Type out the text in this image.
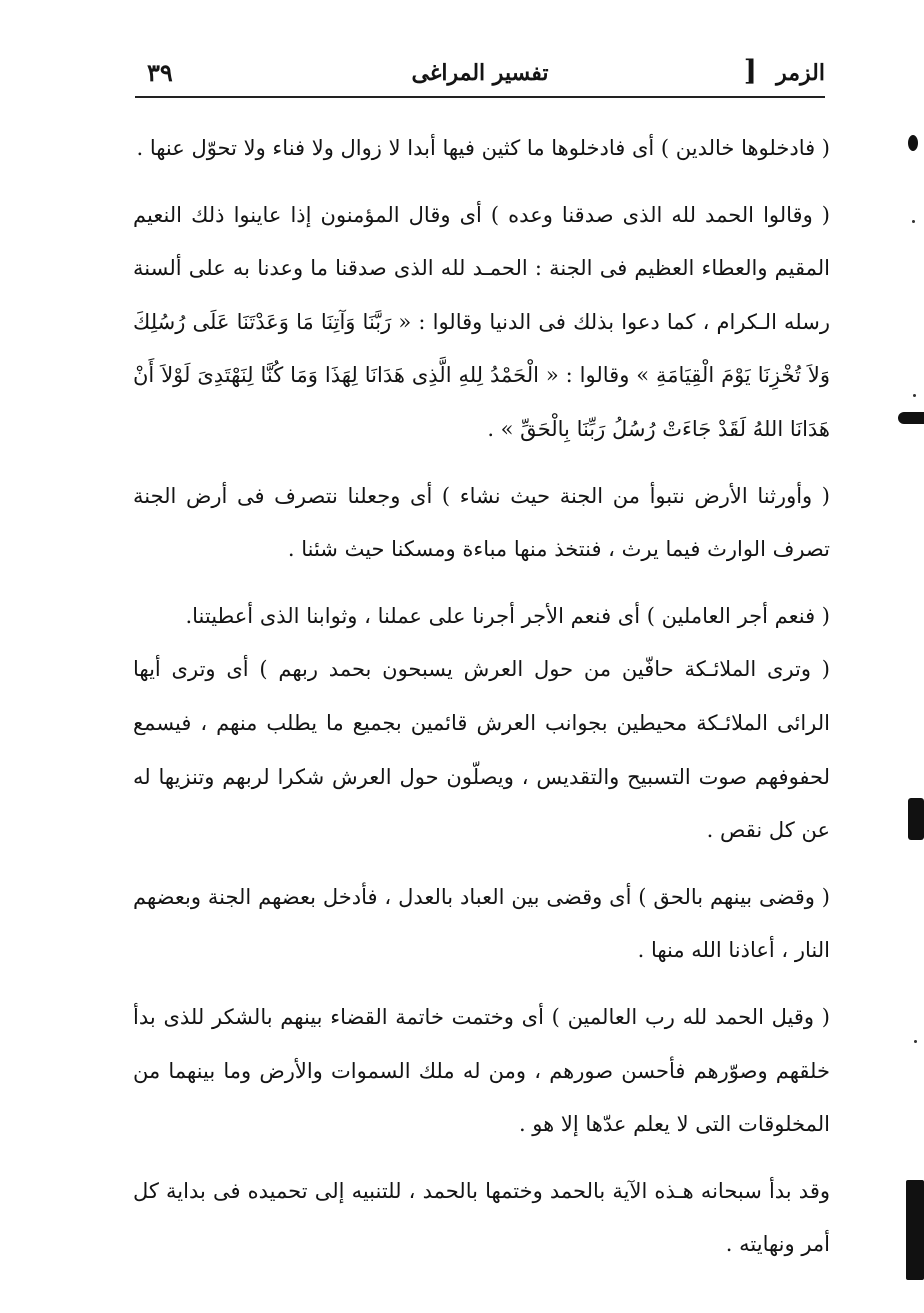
الزمر
]
تفسير المراغى
٣٩

( فادخلوها خالدين ) أى فادخلوها ما كثين فيها أبدا لا زوال ولا فناء ولا تحوّل عنها .

( وقالوا الحمد لله الذى صدقنا وعده ) أى وقال المؤمنون إذا عاينوا ذلك النعيم المقيم والعطاء العظيم فى الجنة : الحمـد لله الذى صدقنا ما وعدنا به على ألسنة رسله الـكرام ، كما دعوا بذلك فى الدنيا وقالوا : « رَبَّنَا وَآتِنَا مَا وَعَدْتَنَا عَلَى رُسُلِكَ وَلاَ تُخْزِنَا يَوْمَ الْقِيَامَةِ » وقالوا : « الْحَمْدُ لِلهِ الَّذِى هَدَانَا لِهَذَا وَمَا كُنَّا لِنَهْتَدِىَ لَوْلاَ أَنْ هَدَانَا اللهُ لَقَدْ جَاءَتْ رُسُلُ رَبِّنَا بِالْحَقِّ » .

( وأورثنا الأرض نتبوأ من الجنة حيث نشاء ) أى وجعلنا نتصرف فى أرض الجنة تصرف الوارث فيما يرث ، فنتخذ منها مباءة ومسكنا حيث شئنا .

( فنعم أجر العاملين ) أى فنعم الأجر أجرنا على عملنا ، وثوابنا الذى أعطيتنا.

( وترى الملائـكة حافّين من حول العرش يسبحون بحمد ربهم ) أى وترى أيها الرائى الملائـكة محيطين بجوانب العرش قائمين بجميع ما يطلب منهم ، فيسمع لحفوفهم صوت التسبيح والتقديس ، ويصلّون حول العرش شكرا لربهم وتنزيها له عن كل نقص .

( وقضى بينهم بالحق ) أى وقضى بين العباد بالعدل ، فأدخل بعضهم الجنة وبعضهم النار ، أعاذنا الله منها .

( وقيل الحمد لله رب العالمين ) أى وختمت خاتمة القضاء بينهم بالشكر للذى بدأ خلقهم وصوّرهم فأحسن صورهم ، ومن له ملك السموات والأرض وما بينهما من المخلوقات التى لا يعلم عدّها إلا هو .

وقد بدأ سبحانه هـذه الآية بالحمد وختمها بالحمد ، للتنبيه إلى تحميده فى بداية كل أمر ونهايته .
